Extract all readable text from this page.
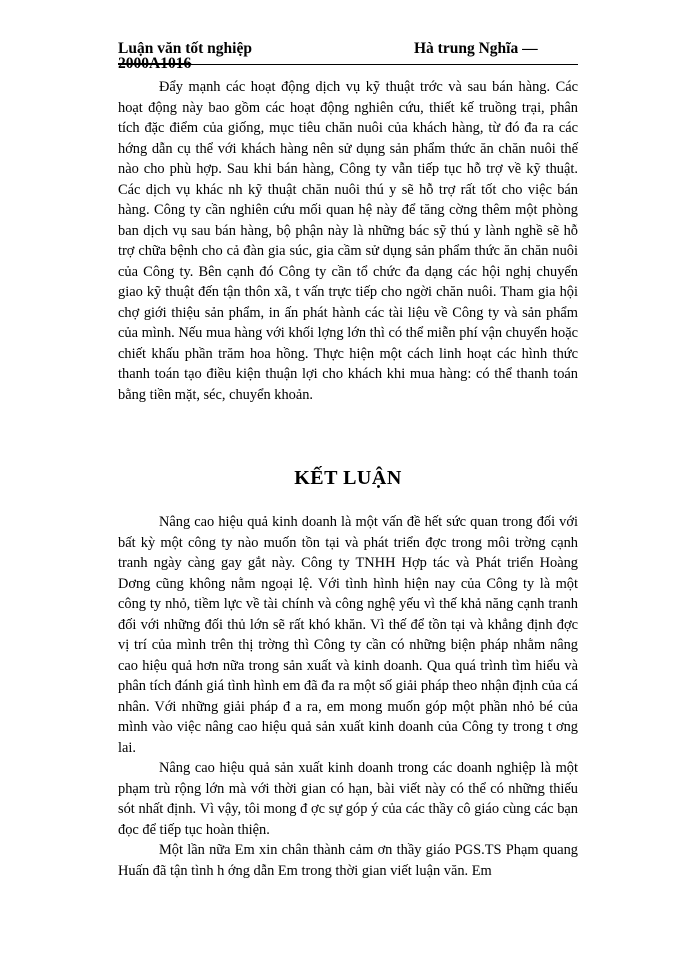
Luận văn tốt nghiệp	Hà trung Nghĩa —
2000A1016

Đẩy mạnh các hoạt động dịch vụ kỹ thuật trớc và sau bán hàng. Các hoạt động này bao gồm các hoạt động nghiên cứu, thiết kế truồng trại, phân tích đặc điểm của giống, mục tiêu chăn nuôi của khách hàng, từ đó đa ra các hớng dẫn cụ thể với khách hàng nên sử dụng sản phẩm thức ăn chăn nuôi thế nào cho phù hợp. Sau khi bán hàng, Công ty vẫn tiếp tục hỗ trợ về kỹ thuật. Các dịch vụ khác nh kỹ thuật chăn nuôi thú y sẽ hỗ trợ rất tốt cho việc bán hàng. Công ty cần nghiên cứu mối quan hệ này để tăng cờng thêm một phòng ban dịch vụ sau bán hàng, bộ phận này là những bác sỹ thú y lành nghề sẽ hỗ trợ chữa bệnh cho cả đàn gia súc, gia cầm sử dụng sản phẩm thức ăn chăn nuôi của Công ty. Bên cạnh đó Công ty cần tổ chức đa dạng các hội nghị chuyển giao kỹ thuật đến tận thôn xã, t vấn trực tiếp cho ngời chăn nuôi. Tham gia hội chợ giới thiệu sản phẩm, in ấn phát hành các tài liệu về Công ty và sản phẩm của mình. Nếu mua hàng với khối lợng lớn thì có thể miễn phí vận chuyển hoặc chiết khấu phần trăm hoa hồng. Thực hiện một cách linh hoạt các hình thức thanh toán tạo điều kiện thuận lợi cho khách khi mua hàng: có thể thanh toán bằng tiền mặt, séc, chuyển khoản.

KẾT LUẬN

Nâng cao hiệu quả kinh doanh là một vấn đề hết sức quan trong đối với bất kỳ một công ty nào muốn tồn tại và phát triển đợc trong môi trờng cạnh tranh ngày càng gay gắt này. Công ty TNHH Hợp tác và Phát triển Hoàng Dơng cũng không nằm ngoại lệ. Với tình hình hiện nay của Công ty là một công ty nhỏ, tiềm lực về tài chính và công nghệ yếu vì thế khả năng cạnh tranh đối với những đối thủ lớn sẽ rất khó khăn. Vì thế để tồn tại và khẳng định đợc vị trí của mình trên thị trờng thì Công ty cần có những biện pháp nhằm nâng cao hiệu quả hơn nữa trong sản xuất và kinh doanh. Qua quá trình tìm hiểu và phân tích đánh giá tình hình em đã đa ra một số giải pháp theo nhận định của cá nhân. Với những giải pháp đ a ra, em mong muốn góp một phần nhỏ bé của mình vào việc nâng cao hiệu quả sản xuất kinh doanh của Công ty trong t ơng lai.

Nâng cao hiệu quả sản xuất kinh doanh trong các doanh nghiệp là một phạm trù rộng lớn mà với thời gian có hạn, bài viết này có thể có những thiếu sót nhất định. Vì vậy, tôi mong đ ợc sự góp ý của các thầy cô giáo cùng các bạn đọc để tiếp tục hoàn thiện.

Một lần nữa Em xin chân thành cảm ơn thầy giáo PGS.TS Phạm quang Huấn đã tận tình h ớng dẫn Em trong thời gian viết luận văn. Em
